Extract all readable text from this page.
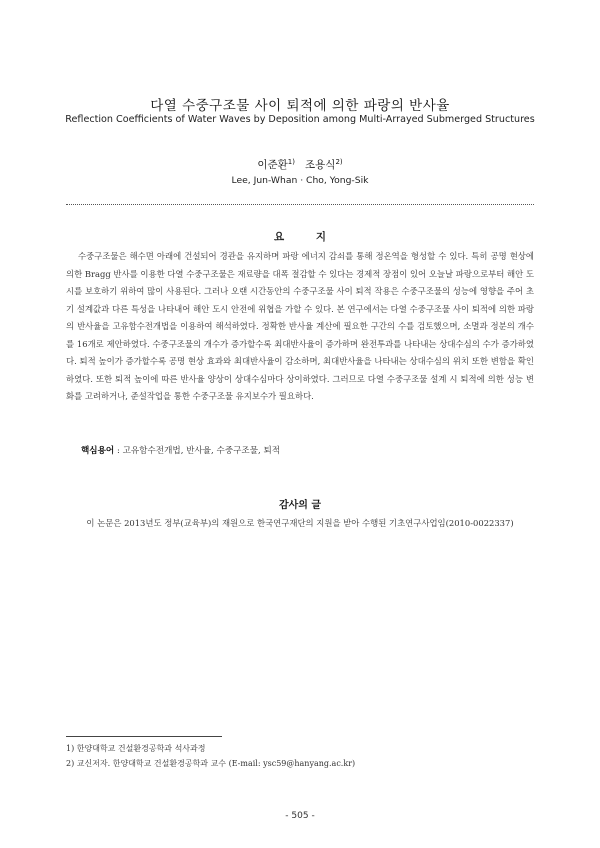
다열 수중구조물 사이 퇴적에 의한 파랑의 반사율
Reflection Coefficients of Water Waves by Deposition among Multi-Arrayed Submerged Structures
이준환$^{1)}$ 조용식$^{2)}$
Lee, Jun-Whan · Cho, Yong-Sik
요 지
수중구조물은 해수면 아래에 건설되어 경관을 유지하며 파랑 에너지 감쇠를 통해 정온역을 형성할 수 있다. 특히 공명 현상에 의한 Bragg 반사를 이용한 다열 수중구조물은 재료량을 대폭 절감할 수 있다는 경제적 장점이 있어 오늘날 파랑으로부터 해안 도시를 보호하기 위하여 많이 사용된다. 그러나 오랜 시간동안의 수중구조물 사이 퇴적 작용은 수중구조물의 성능에 영향을 주어 초기 설계값과 다른 특성을 나타내어 해안 도시 안전에 위협을 가할 수 있다. 본 연구에서는 다열 수중구조물 사이 퇴적에 의한 파랑의 반사율을 고유함수전개법을 이용하여 해석하였다. 정확한 반사율 계산에 필요한 구간의 수를 검토했으며, 소멸과 정분의 개수를 16개로 제안하였다. 수중구조물의 개수가 증가할수록 최대반사율이 증가하며 완전투과를 나타내는 상대수심의 수가 증가하였다. 퇴적 높이가 증가할수록 공명 현상 효과와 최대반사율이 감소하며, 최대반사율을 나타내는 상대수심의 위치 또한 변함을 확인하였다. 또한 퇴적 높이에 따른 반사율 양상이 상대수심마다 상이하였다. 그러므로 다열 수중구조물 설계 시 퇴적에 의한 성능 변화를 고려하거나, 준설작업을 통한 수중구조물 유지보수가 필요하다.
핵심용어 : 고유함수전개법, 반사율, 수중구조물, 퇴적
감사의 글
이 논문은 2013년도 정부(교육부)의 재원으로 한국연구재단의 지원을 받아 수행된 기초연구사업임(2010-0022337)
1) 한양대학교 건설환경공학과 석사과정
2) 교신저자. 한양대학교 건설환경공학과 교수 (E-mail: ysc59@hanyang.ac.kr)
- 505 -
